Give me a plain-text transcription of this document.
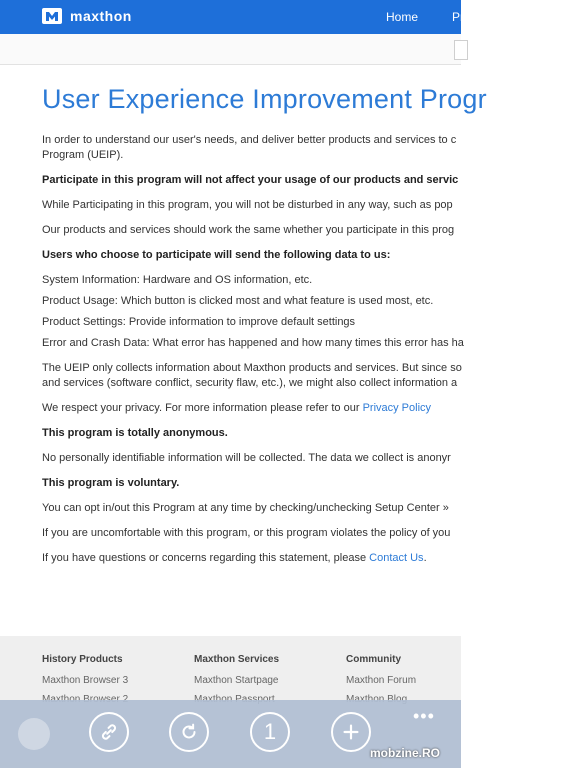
maxthon	Home	Pr
User Experience Improvement Progr

In order to understand our user's needs, and deliver better products and services to c

Program (UEIP).

Participate in this program will not affect your usage of our products and servic

While Participating in this program, you will not be disturbed in any way, such as pop

Our products and services should work the same whether you participate in this prog

Users who choose to participate will send the following data to us:

System Information: Hardware and OS information, etc.

Product Usage: Which button is clicked most and what feature is used most, etc.

Product Settings: Provide information to improve default settings

Error and Crash Data: What error has happened and how many times this error has ha

The UEIP only collects information about Maxthon products and services. But since so

and services (software conflict, security flaw, etc.), we might also collect information a

We respect your privacy. For more information please refer to our Privacy Policy

This program is totally anonymous.

No personally identifiable information will be collected. The data we collect is anonyr

This program is voluntary.

You can opt in/out this Program at any time by checking/unchecking Setup Center »

If you are uncomfortable with this program, or this program violates the policy of you

If you have questions or concerns regarding this statement, please Contact Us.

History Products
Maxthon Browser 3
Maxthon Services
Maxthon Startpage
Community
Maxthon Forum
1
•••
mobzine.RO
